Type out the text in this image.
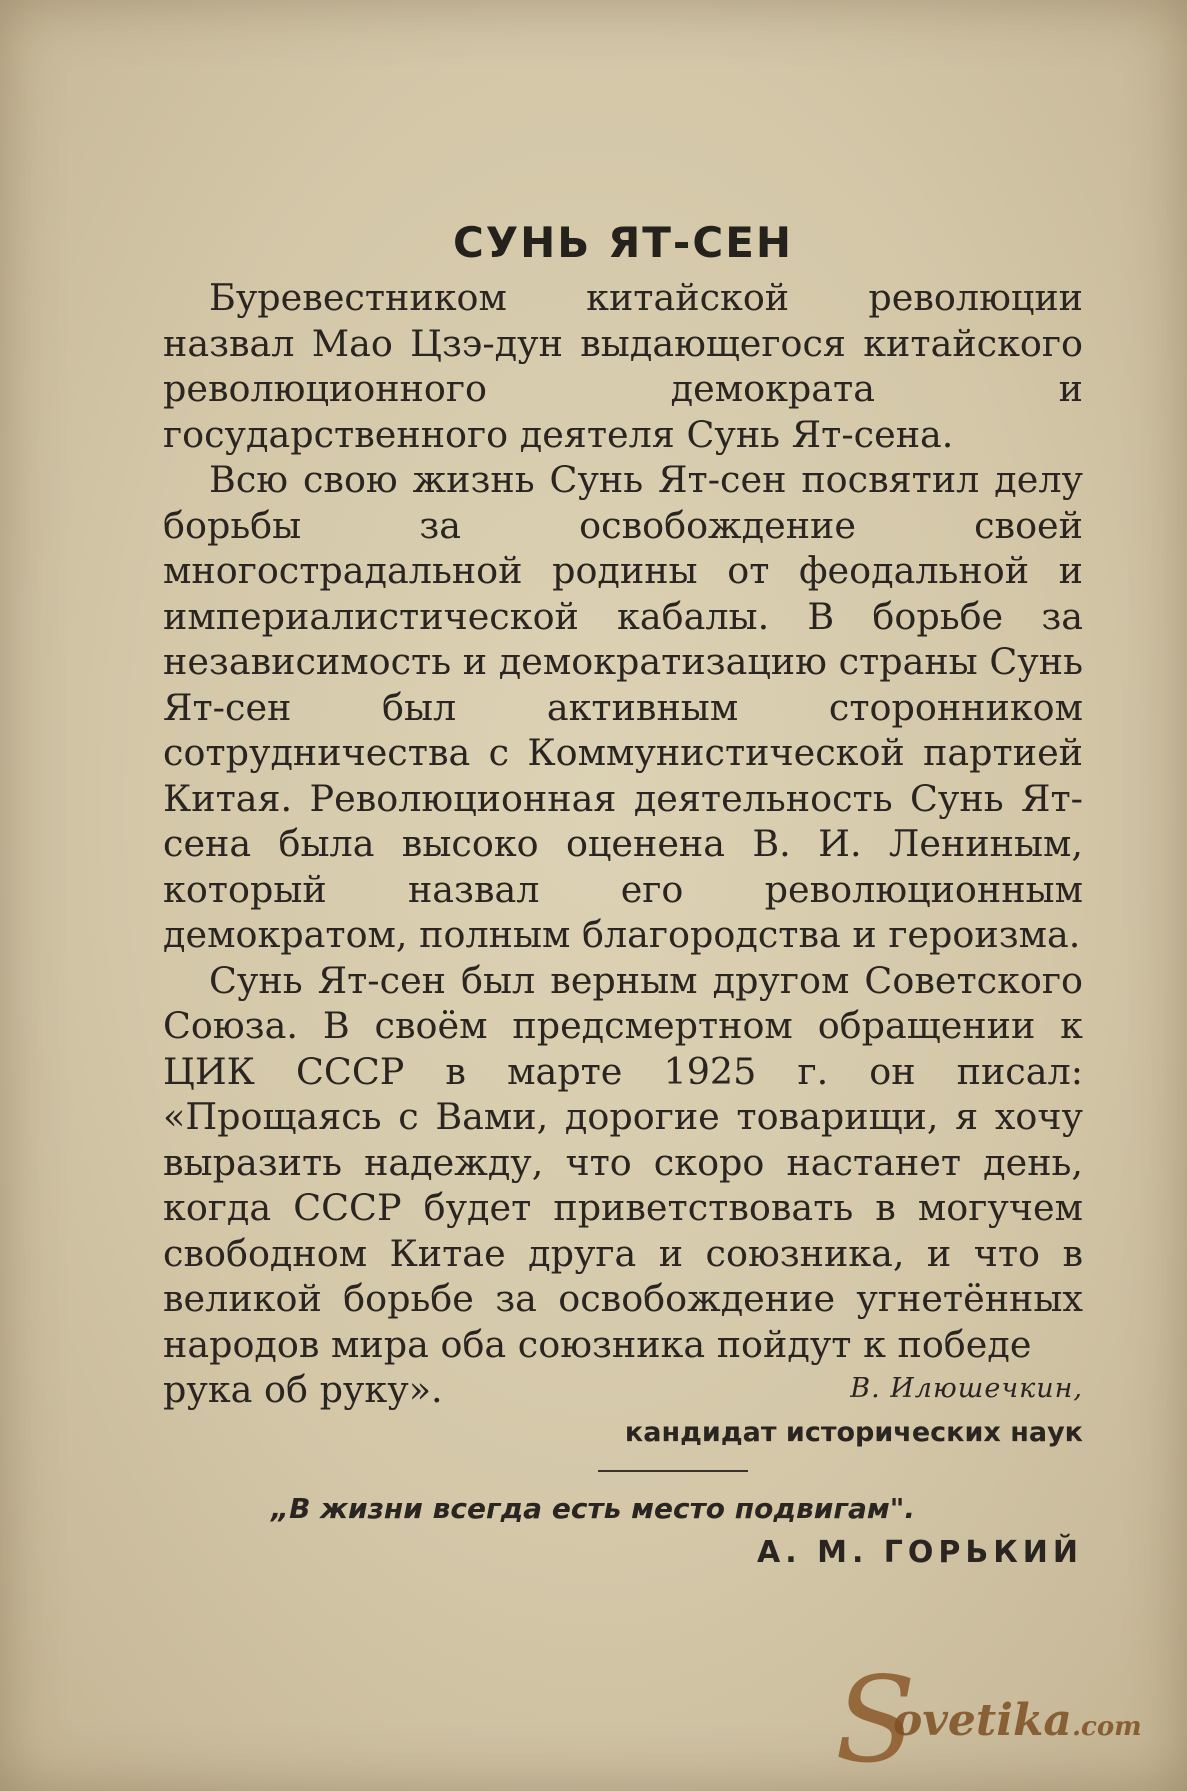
СУНЬ ЯТ-СЕН

Буревестником китайской революции назвал Мао Цзэ-дун выдающегося китайского революционного демократа и государственного деятеля Сунь Ят-сена.

Всю свою жизнь Сунь Ят-сен посвятил делу борьбы за освобождение своей многострадальной родины от феодальной и империалистической кабалы. В борьбе за независимость и демократизацию страны Сунь Ят-сен был активным сторонником сотрудничества с Коммунистической партией Китая. Революционная деятельность Сунь Ят-сена была высоко оценена В. И. Лениным, который назвал его революционным демократом, полным благородства и героизма.

Сунь Ят-сен был верным другом Советского Союза. В своём предсмертном обращении к ЦИК СССР в марте 1925 г. он писал: «Прощаясь с Вами, дорогие товарищи, я хочу выразить надежду, что скоро настанет день, когда СССР будет приветствовать в могучем свободном Китае друга и союзника, и что в великой борьбе за освобождение угнетённых народов мира оба союзника пойдут к победе

рука об руку».	В. Илюшечкин,
кандидат исторических наук
„В жизни всегда есть место подвигам".
А. М. ГОРЬКИЙ
S
ovetika.com
